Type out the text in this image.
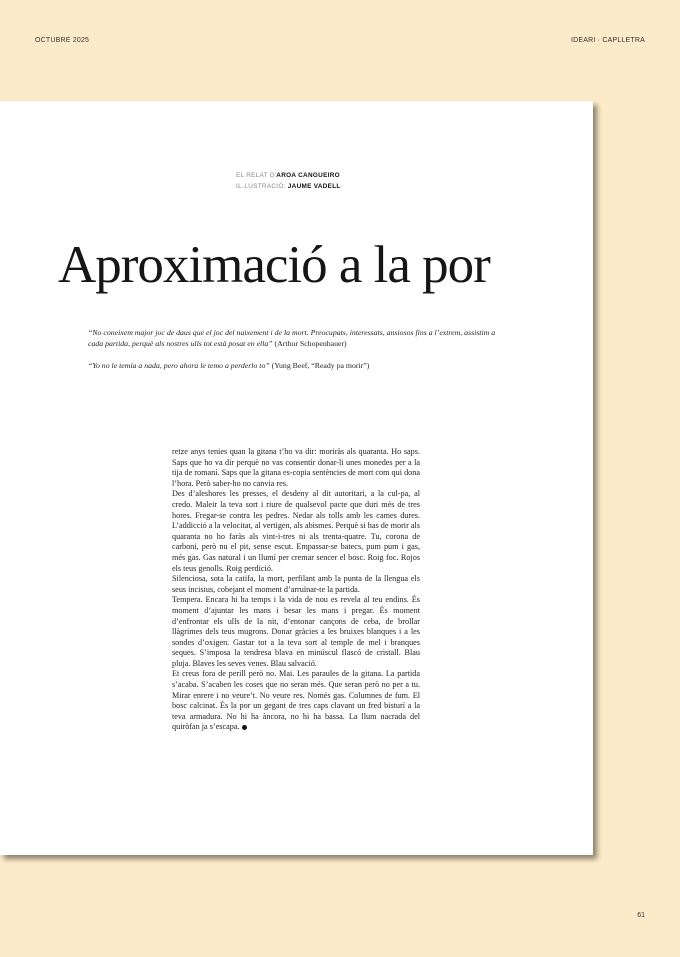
OCTUBRE 2025	IDEARI · CAPLLETRA
EL RELAT D'AROA CANGUEIRO
IL·LUSTRACIÓ: JAUME VADELL
Aproximació a la por

“No coneixem major joc de daus que el joc del naixement i de la mort. Preocupats, interessats, ansiosos fins a l’extrem, assistim a cada partida, perquè als nostres ulls tot està posat en ella” (Arthur Schopenhauer)

“Yo no le temía a nada, pero ahora le temo a perderlo to” (Yung Beef, “Ready pa morir”)

retze anys tenies quan la gitana t’ho va dir: moriràs als quaranta. Ho saps. Saps que ho va dir perquè no vas consentir donar-li unes monedes per a la tija de romaní. Saps que la gitana es-copia sentències de mort com qui dona l’hora. Però saber-ho no canvia res.

Des d’aleshores les presses, el desdeny al dit autoritari, a la cul-pa, al credo. Maleir la teva sort i riure de qualsevol pacte que duri més de tres hores. Fregar-se contra les pedres. Nedar als tolls amb les cames dures. L’addicció a la velocitat, al vertigen, als abismes. Perquè si has de morir als quaranta no ho faràs als vint-i-tres ni als trenta-quatre. Tu, corona de carboni, però nu el pit, sense escut. Empassar-se batecs, pum pum i gas, més gas. Gas natural i un llumí per cremar sencer el bosc. Roig foc. Rojos els teus genolls. Roig perdició.

Silenciosa, sota la catifa, la mort, perfilant amb la punta de la llengua els seus incisius, cobejant el moment d’arruïnar-te la partida.

Tempera. Encara hi ha temps i la vida de nou es revela al teu endins. És moment d’ajuntar les mans i besar les mans i pregar. És moment d’enfrontar els ulls de la nit, d’entonar cançons de ceba, de brollar llàgrimes dels teus mugrons. Donar gràcies a les bruixes blanques i a les sondes d’oxigen. Gastar tot a la teva sort al temple de mel i branques seques. S’imposa la tendresa blava en minúscul flascó de cristall. Blau pluja. Blaves les seves venes. Blau salvació.

Et creus fora de perill però no. Mai. Les paraules de la gitana. La partida s’acaba. S’acaben les coses que no seran més. Que seran però no per a tu. Mirar enrere i no veure’t. No veure res. Només gas. Columnes de fum. El bosc calcinat. És la por un gegant de tres caps clavant un fred bisturí a la teva armadura. No hi ha àncora, no hi ha bassa. La llum nacrada del quiròfan ja s’escapa.

61
